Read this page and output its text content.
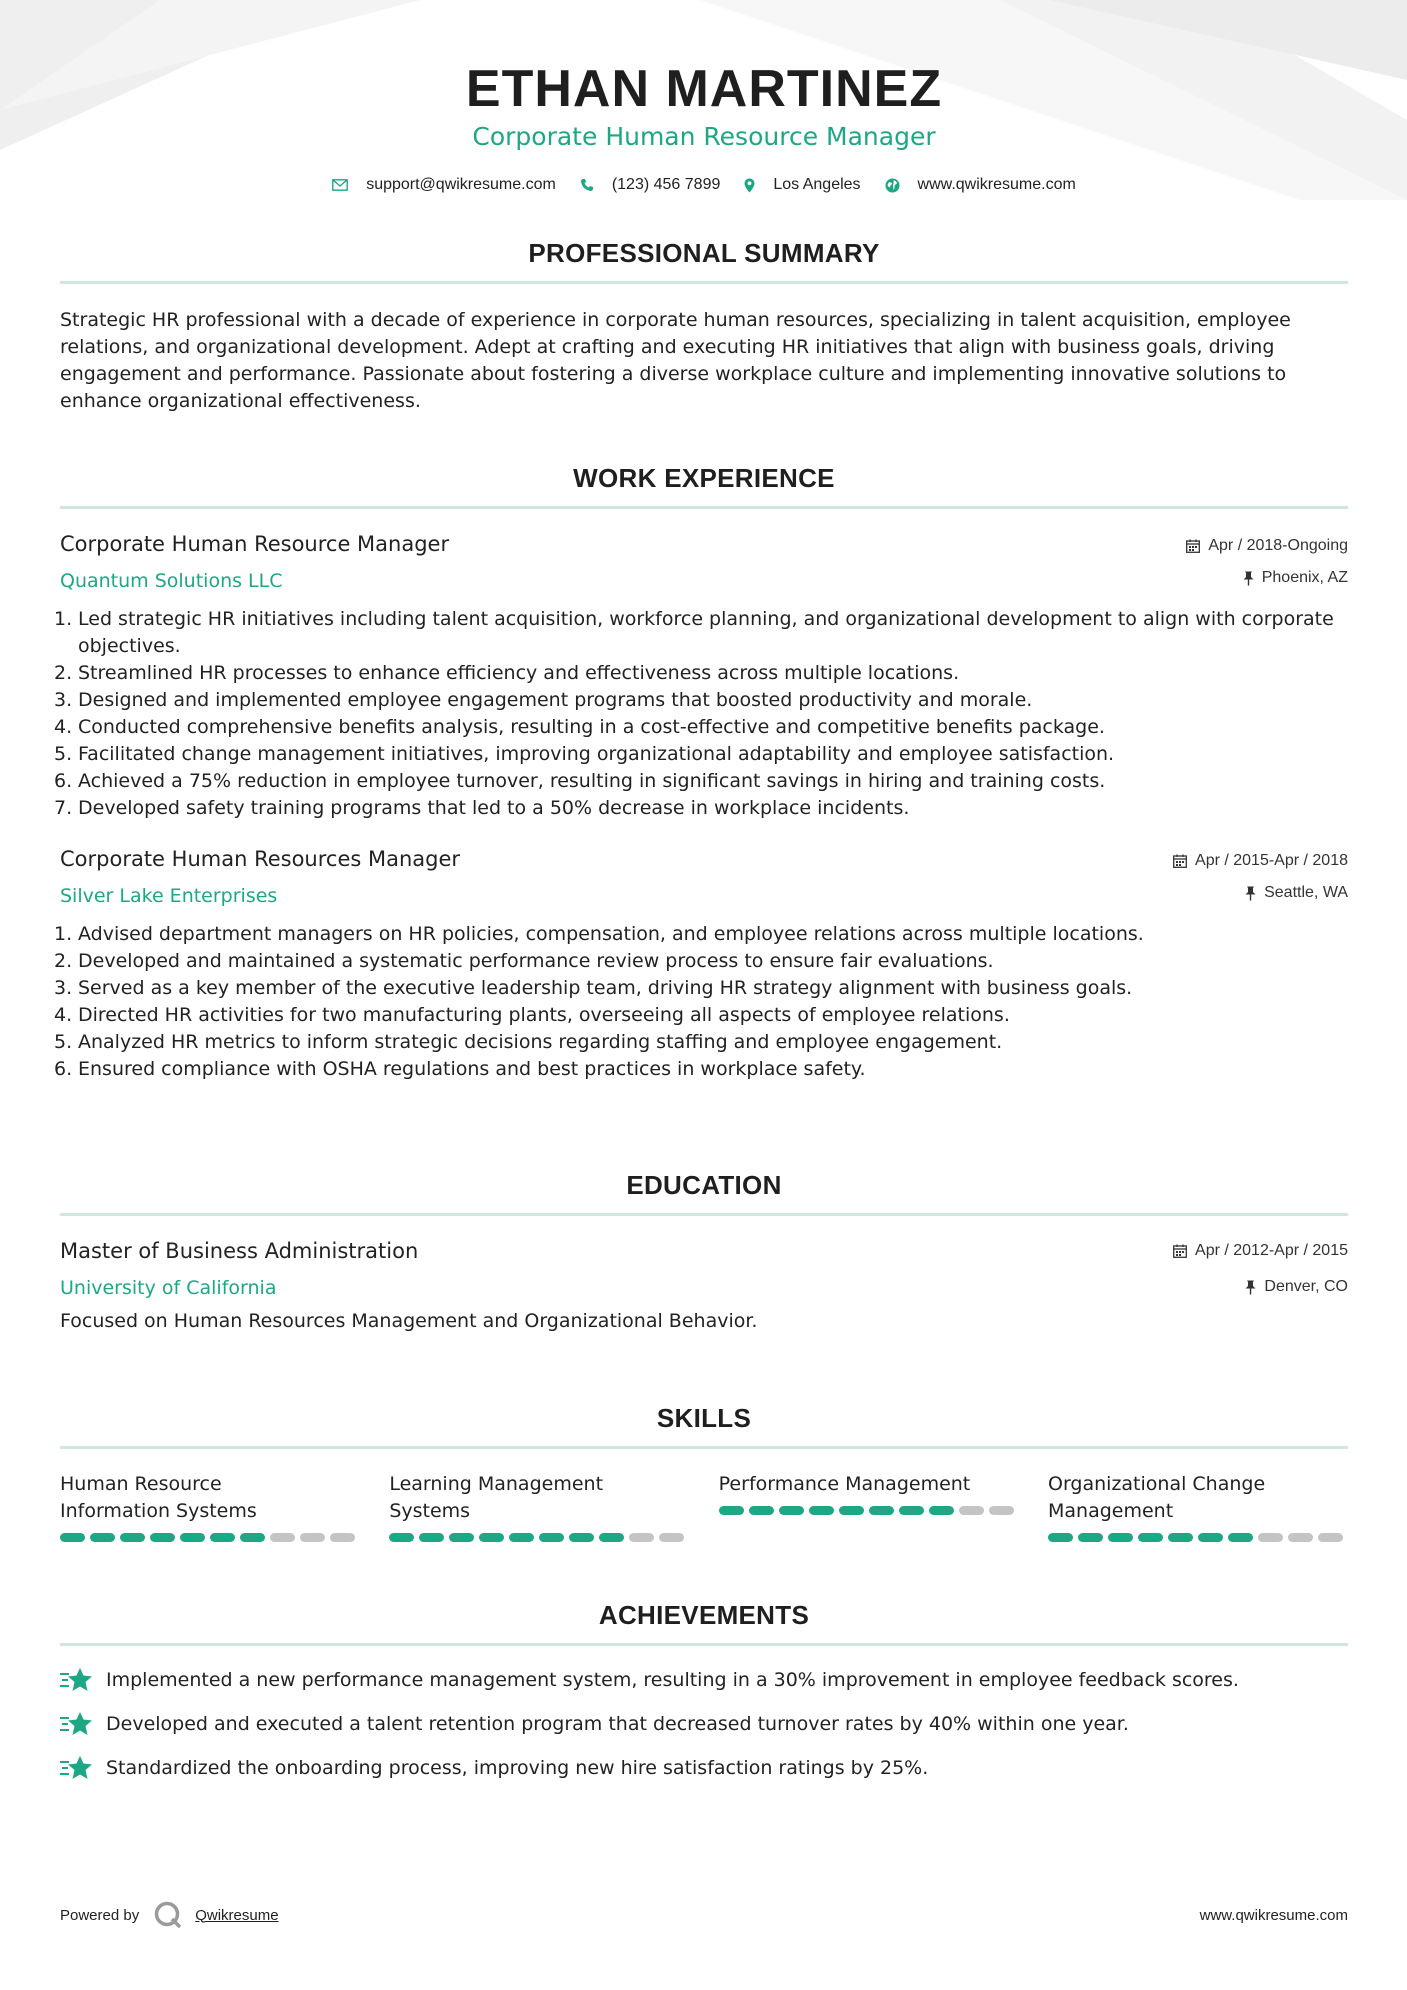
ETHAN MARTINEZ
Corporate Human Resource Manager
support@qwikresume.com	(123) 456 7899	Los Angeles	www.qwikresume.com
PROFESSIONAL SUMMARY
Strategic HR professional with a decade of experience in corporate human resources, specializing in talent acquisition, employee relations, and organizational development. Adept at crafting and executing HR initiatives that align with business goals, driving engagement and performance. Passionate about fostering a diverse workplace culture and implementing innovative solutions to enhance organizational effectiveness.
WORK EXPERIENCE
Corporate Human Resource Manager
Quantum Solutions LLC
Apr / 2018-Ongoing
Phoenix, AZ
1. Led strategic HR initiatives including talent acquisition, workforce planning, and organizational development to align with corporate objectives.
2. Streamlined HR processes to enhance efficiency and effectiveness across multiple locations.
3. Designed and implemented employee engagement programs that boosted productivity and morale.
4. Conducted comprehensive benefits analysis, resulting in a cost-effective and competitive benefits package.
5. Facilitated change management initiatives, improving organizational adaptability and employee satisfaction.
6. Achieved a 75% reduction in employee turnover, resulting in significant savings in hiring and training costs.
7. Developed safety training programs that led to a 50% decrease in workplace incidents.
Corporate Human Resources Manager
Silver Lake Enterprises
Apr / 2015-Apr / 2018
Seattle, WA
1. Advised department managers on HR policies, compensation, and employee relations across multiple locations.
2. Developed and maintained a systematic performance review process to ensure fair evaluations.
3. Served as a key member of the executive leadership team, driving HR strategy alignment with business goals.
4. Directed HR activities for two manufacturing plants, overseeing all aspects of employee relations.
5. Analyzed HR metrics to inform strategic decisions regarding staffing and employee engagement.
6. Ensured compliance with OSHA regulations and best practices in workplace safety.
EDUCATION
Master of Business Administration
University of California
Apr / 2012-Apr / 2015
Denver, CO
Focused on Human Resources Management and Organizational Behavior.
SKILLS
Human Resource
Information Systems
Learning Management
Systems
Performance Management	Organizational Change
Management
ACHIEVEMENTS
Implemented a new performance management system, resulting in a 30% improvement in employee feedback scores.
Developed and executed a talent retention program that decreased turnover rates by 40% within one year.
Standardized the onboarding process, improving new hire satisfaction ratings by 25%.
Powered by	Qwikresume	www.qwikresume.com
